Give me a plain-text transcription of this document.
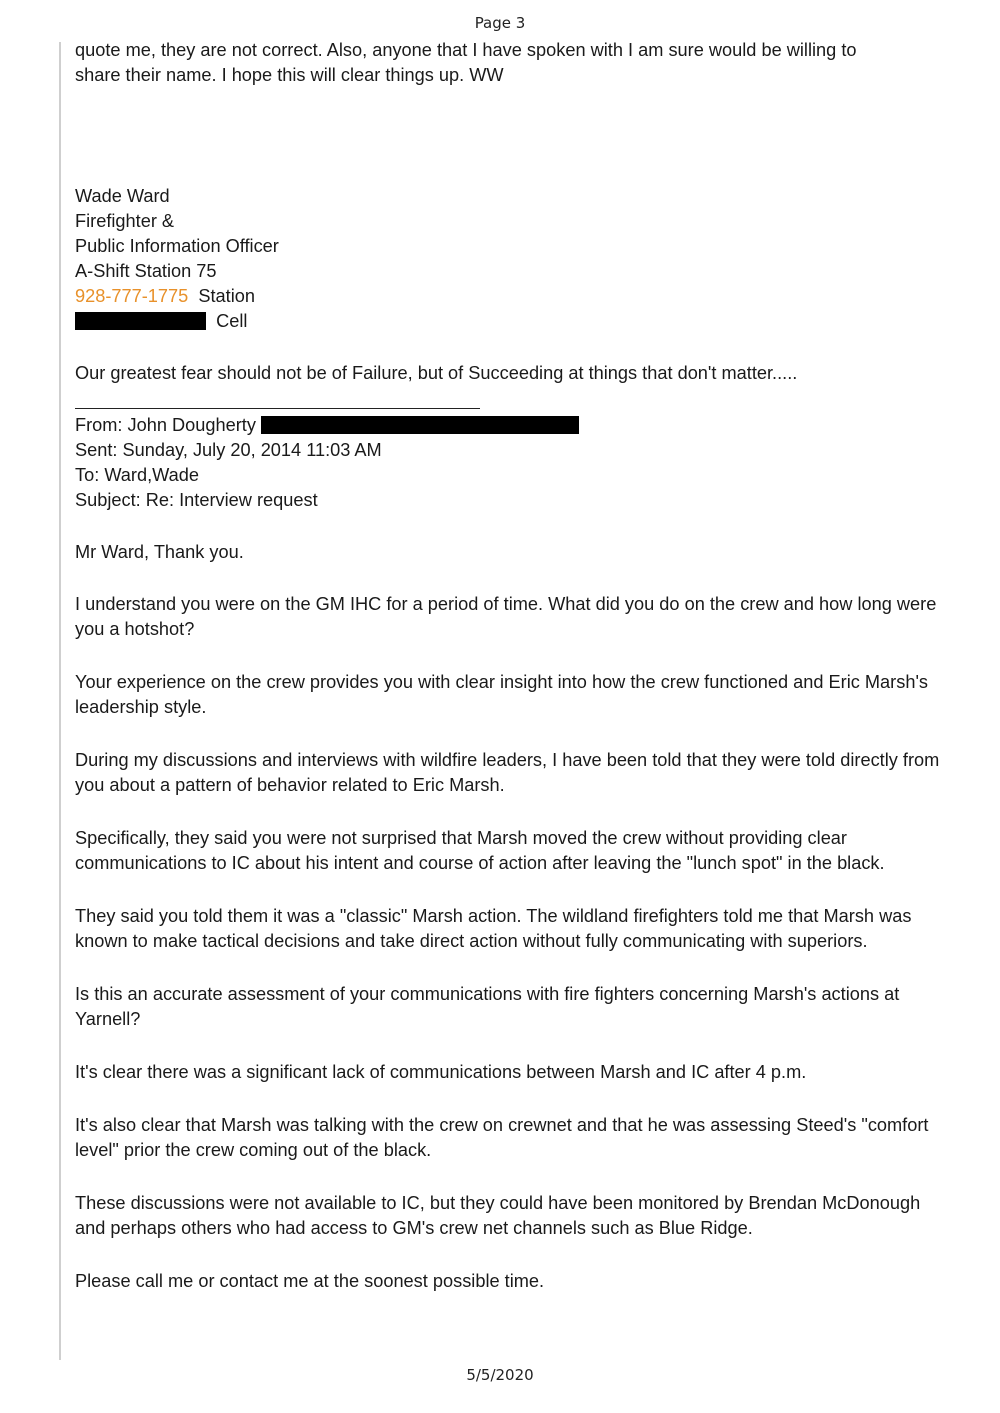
Page 3

quote me, they are not correct. Also, anyone that I have spoken with I am sure would be willing to

share their name. I hope this will clear things up. WW

Wade Ward
Firefighter &
Public Information Officer
A-Shift Station 75
928-777-1775 Station
Cell

Our greatest fear should not be of Failure, but of Succeeding at things that don't matter.....

From: John Dougherty
Sent: Sunday, July 20, 2014 11:03 AM
To: Ward,Wade
Subject: Re: Interview request

Mr Ward, Thank you.

I understand you were on the GM IHC for a period of time. What did you do on the crew and how long were you a hotshot?

Your experience on the crew provides you with clear insight into how the crew functioned and Eric Marsh's leadership style.

During my discussions and interviews with wildfire leaders, I have been told that they were told directly from you about a pattern of behavior related to Eric Marsh.

Specifically, they said you were not surprised that Marsh moved the crew without providing clear communications to IC about his intent and course of action after leaving the "lunch spot" in the black.

They said you told them it was a "classic" Marsh action. The wildland firefighters told me that Marsh was known to make tactical decisions and take direct action without fully communicating with superiors.

Is this an accurate assessment of your communications with fire fighters concerning Marsh's actions at Yarnell?

It's clear there was a significant lack of communications between Marsh and IC after 4 p.m.

It's also clear that Marsh was talking with the crew on crewnet and that he was assessing Steed's "comfort level" prior the crew coming out of the black.

These discussions were not available to IC, but they could have been monitored by Brendan McDonough and perhaps others who had access to GM's crew net channels such as Blue Ridge.

Please call me or contact me at the soonest possible time.

5/5/2020
